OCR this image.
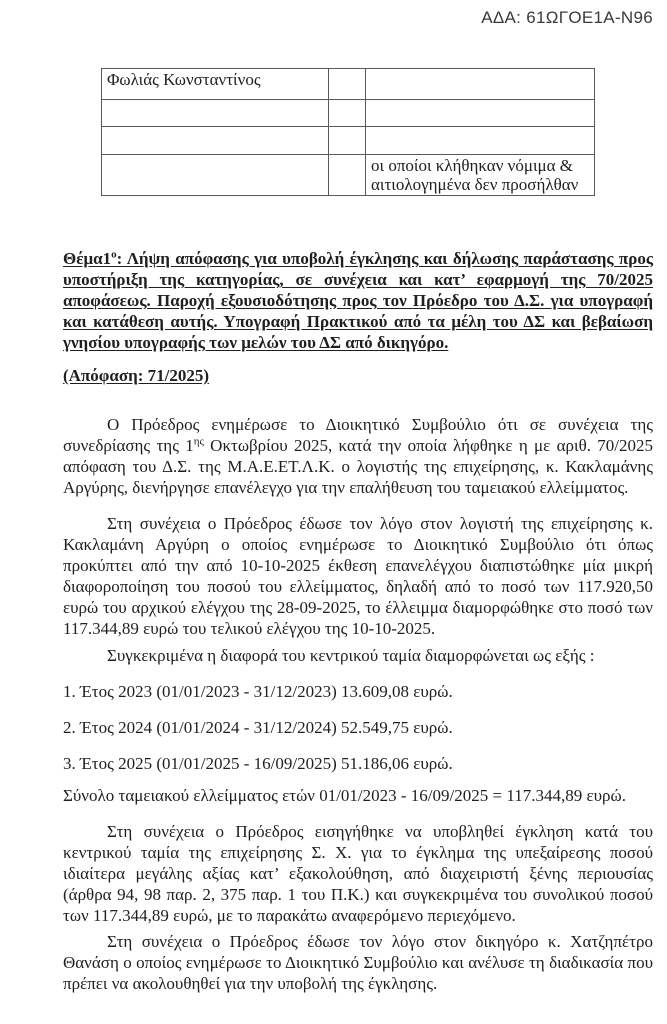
ΑΔΑ: 61ΩΓΟΕ1Α-Ν96
Φωλιάς Κωνσταντίνος		

		οι οποίοι κλήθηκαν νόμιμα & αιτιολογημένα δεν προσήλθαν

$\Theta έ\mu\alpha 1^o$: Λήψη απόφασης για υποβολή έγκλησης και δήλωσης παράστασης προς υποστήριξη της κατηγορίας, σε συνέχεια και κατ’ εφαρμογή της 70/2025 αποφάσεως. Παροχή εξουσιοδότησης προς τον Πρόεδρο του Δ.Σ. για υπογραφή και κατάθεση αυτής. Υπογραφή Πρακτικού από τα μέλη του ΔΣ και βεβαίωση γνησίου υπογραφής των μελών του ΔΣ από δικηγόρο.

(Απόφαση: 71/2025)

Ο Πρόεδρος ενημέρωσε το Διοικητικό Συμβούλιο ότι σε συνέχεια της συνεδρίασης της $1^{\eta\varsigma}$ Οκτωβρίου 2025, κατά την οποία λήφθηκε η με αριθ. 70/2025 απόφαση του Δ.Σ. της Μ.Α.Ε.ΕΤ.Λ.Κ. ο λογιστής της επιχείρησης, κ. Κακλαμάνης Αργύρης, διενήργησε επανέλεγχο για την επαλήθευση του ταμειακού ελλείμματος.

Στη συνέχεια ο Πρόεδρος έδωσε τον λόγο στον λογιστή της επιχείρησης κ. Κακλαμάνη Αργύρη ο οποίος ενημέρωσε το Διοικητικό Συμβούλιο ότι όπως προκύπτει από την από 10-10-2025 έκθεση επανελέγχου διαπιστώθηκε μία μικρή διαφοροποίηση του ποσού του ελλείμματος, δηλαδή από το ποσό των 117.920,50 ευρώ του αρχικού ελέγχου της 28-09-2025, το έλλειμμα διαμορφώθηκε στο ποσό των 117.344,89 ευρώ του τελικού ελέγχου της 10-10-2025.

Συγκεκριμένα η διαφορά του κεντρικού ταμία διαμορφώνεται ως εξής :

1. Έτος 2023 (01/01/2023 - 31/12/2023) 13.609,08 ευρώ.

2. Έτος 2024 (01/01/2024 - 31/12/2024) 52.549,75 ευρώ.

3. Έτος 2025 (01/01/2025 - 16/09/2025) 51.186,06 ευρώ.

Σύνολο ταμειακού ελλείμματος ετών 01/01/2023 - 16/09/2025 = 117.344,89 ευρώ.

Στη συνέχεια ο Πρόεδρος εισηγήθηκε να υποβληθεί έγκληση κατά του κεντρικού ταμία της επιχείρησης Σ. Χ. για το έγκλημα της υπεξαίρεσης ποσού ιδιαίτερα μεγάλης αξίας κατ’ εξακολούθηση, από διαχειριστή ξένης περιουσίας (άρθρα 94, 98 παρ. 2, 375 παρ. 1 του Π.Κ.) και συγκεκριμένα του συνολικού ποσού των 117.344,89 ευρώ, με το παρακάτω αναφερόμενο περιεχόμενο.

Στη συνέχεια ο Πρόεδρος έδωσε τον λόγο στον δικηγόρο κ. Χατζηπέτρο Θανάση ο οποίος ενημέρωσε το Διοικητικό Συμβούλιο και ανέλυσε τη διαδικασία που πρέπει να ακολουθηθεί για την υποβολή της έγκλησης.
